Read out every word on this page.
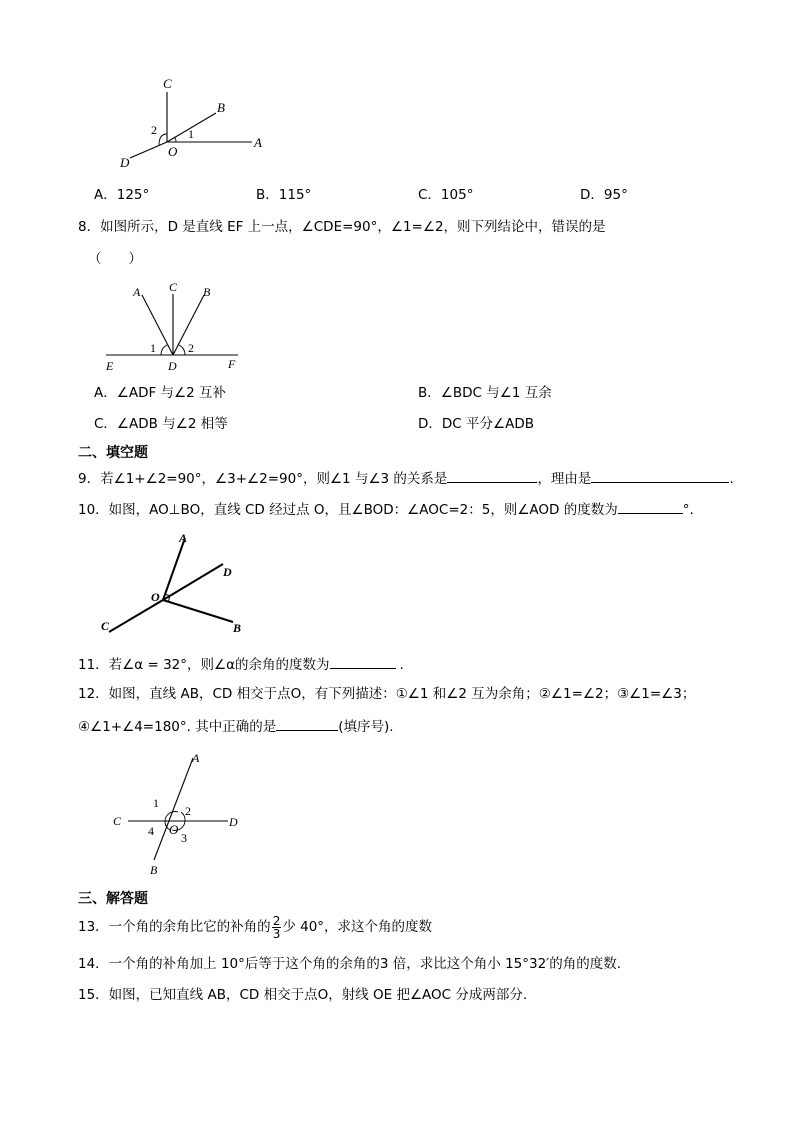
C
B
A
D
O
1
2
A．125°	B．115°	C．105°	D．95°
8．如图所示，D 是直线 EF 上一点，∠CDE=90°，∠1=∠2，则下列结论中，错误的是
（　　）
A C B
E	D	F
1	2
A．∠ADF 与∠2 互补	B．∠BDC 与∠1 互余
C．∠ADB 与∠2 相等	D．DC 平分∠ADB
二、填空题
9．若∠1+∠2=90°，∠3+∠2=90°，则∠1 与∠3 的关系是	，理由是	.
10．如图，AO⊥BO，直线 CD 经过点 O，且∠BOD：∠AOC=2：5，则∠AOD 的度数为	°.
A
D
O
C	B
11．若∠α = 32°，则∠α的余角的度数为	.
12．如图，直线 AB，CD 相交于点O，有下列描述：①∠1 和∠2 互为余角；②∠1=∠2；③∠1=∠3；
④∠1+∠4=180°. 其中正确的是	(填序号).
A
B
C	D
O
1
2
3
4
三、解答题
13．一个角的余角比它的补角的 $\frac{2}{3}$ 少 40°，求这个角的度数
14．一个角的补角加上 10°后等于这个角的余角的3 倍，求比这个角小 15°32′的角的度数.
15．如图，已知直线 AB，CD 相交于点O，射线 OE 把∠AOC 分成两部分.
